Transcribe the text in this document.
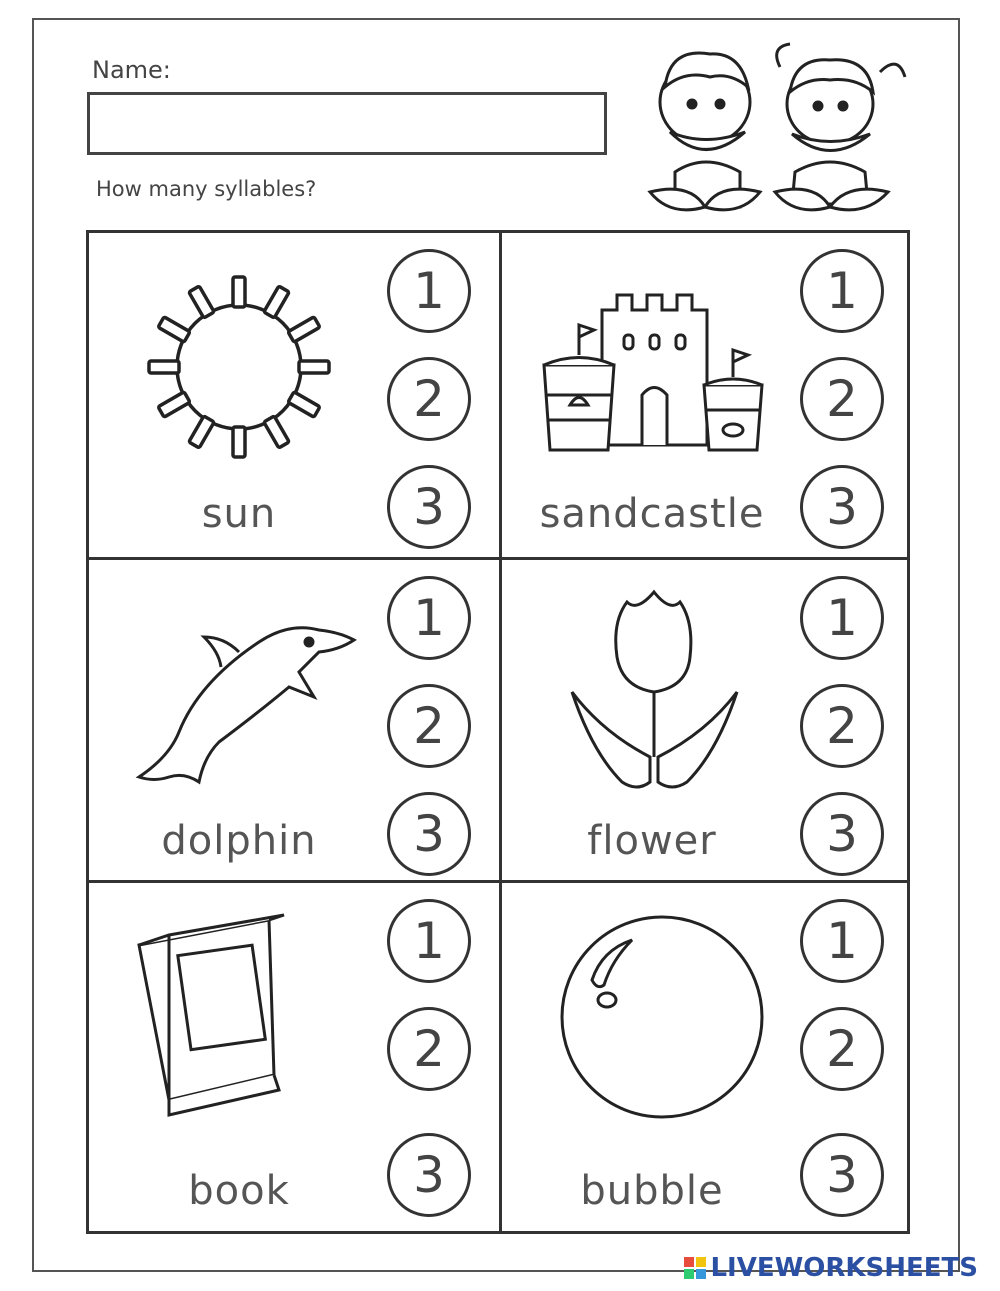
Name:
How many syllables?
sun
1
2
3	sandcastle
1
2
3
dolphin
1
2
3	flower
1
2
3
book
1
2
3	bubble
1
2
3
LIVEWORKSHEETS
